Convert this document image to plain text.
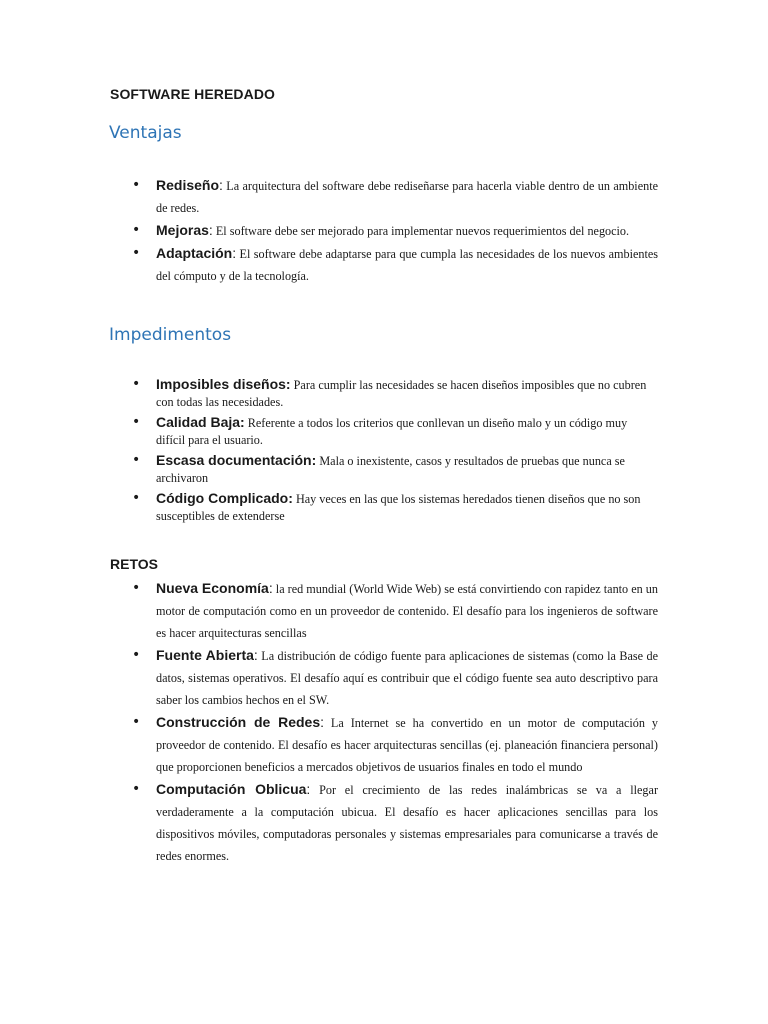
SOFTWARE HEREDADO
Ventajas
• Rediseño: La arquitectura del software debe rediseñarse para hacerla viable dentro de un ambiente de redes.
• Mejoras: El software debe ser mejorado para implementar nuevos requerimientos del negocio.
• Adaptación: El software debe adaptarse para que cumpla las necesidades de los nuevos ambientes del cómputo y de la tecnología.
Impedimentos
• Imposibles diseños: Para cumplir las necesidades se hacen diseños imposibles que no cubren con todas las necesidades.
• Calidad Baja: Referente a todos los criterios que conllevan un diseño malo y un código muy difícil para el usuario.
• Escasa documentación: Mala o inexistente, casos y resultados de pruebas que nunca se archivaron
• Código Complicado: Hay veces en las que los sistemas heredados tienen diseños que no son susceptibles de extenderse
RETOS
• Nueva Economía: la red mundial (World Wide Web) se está convirtiendo con rapidez tanto en un motor de computación como en un proveedor de contenido. El desafío para los ingenieros de software es hacer arquitecturas sencillas
• Fuente Abierta: La distribución de código fuente para aplicaciones de sistemas (como la Base de datos, sistemas operativos. El desafío aquí es contribuir que el código fuente sea auto descriptivo para saber los cambios hechos en el SW.
• Construcción de Redes: La Internet se ha convertido en un motor de computación y proveedor de contenido. El desafío es hacer arquitecturas sencillas (ej. planeación financiera personal) que proporcionen beneficios a mercados objetivos de usuarios finales en todo el mundo
• Computación Oblicua: Por el crecimiento de las redes inalámbricas se va a llegar verdaderamente a la computación ubicua. El desafío es hacer aplicaciones sencillas para los dispositivos móviles, computadoras personales y sistemas empresariales para comunicarse a través de redes enormes.
